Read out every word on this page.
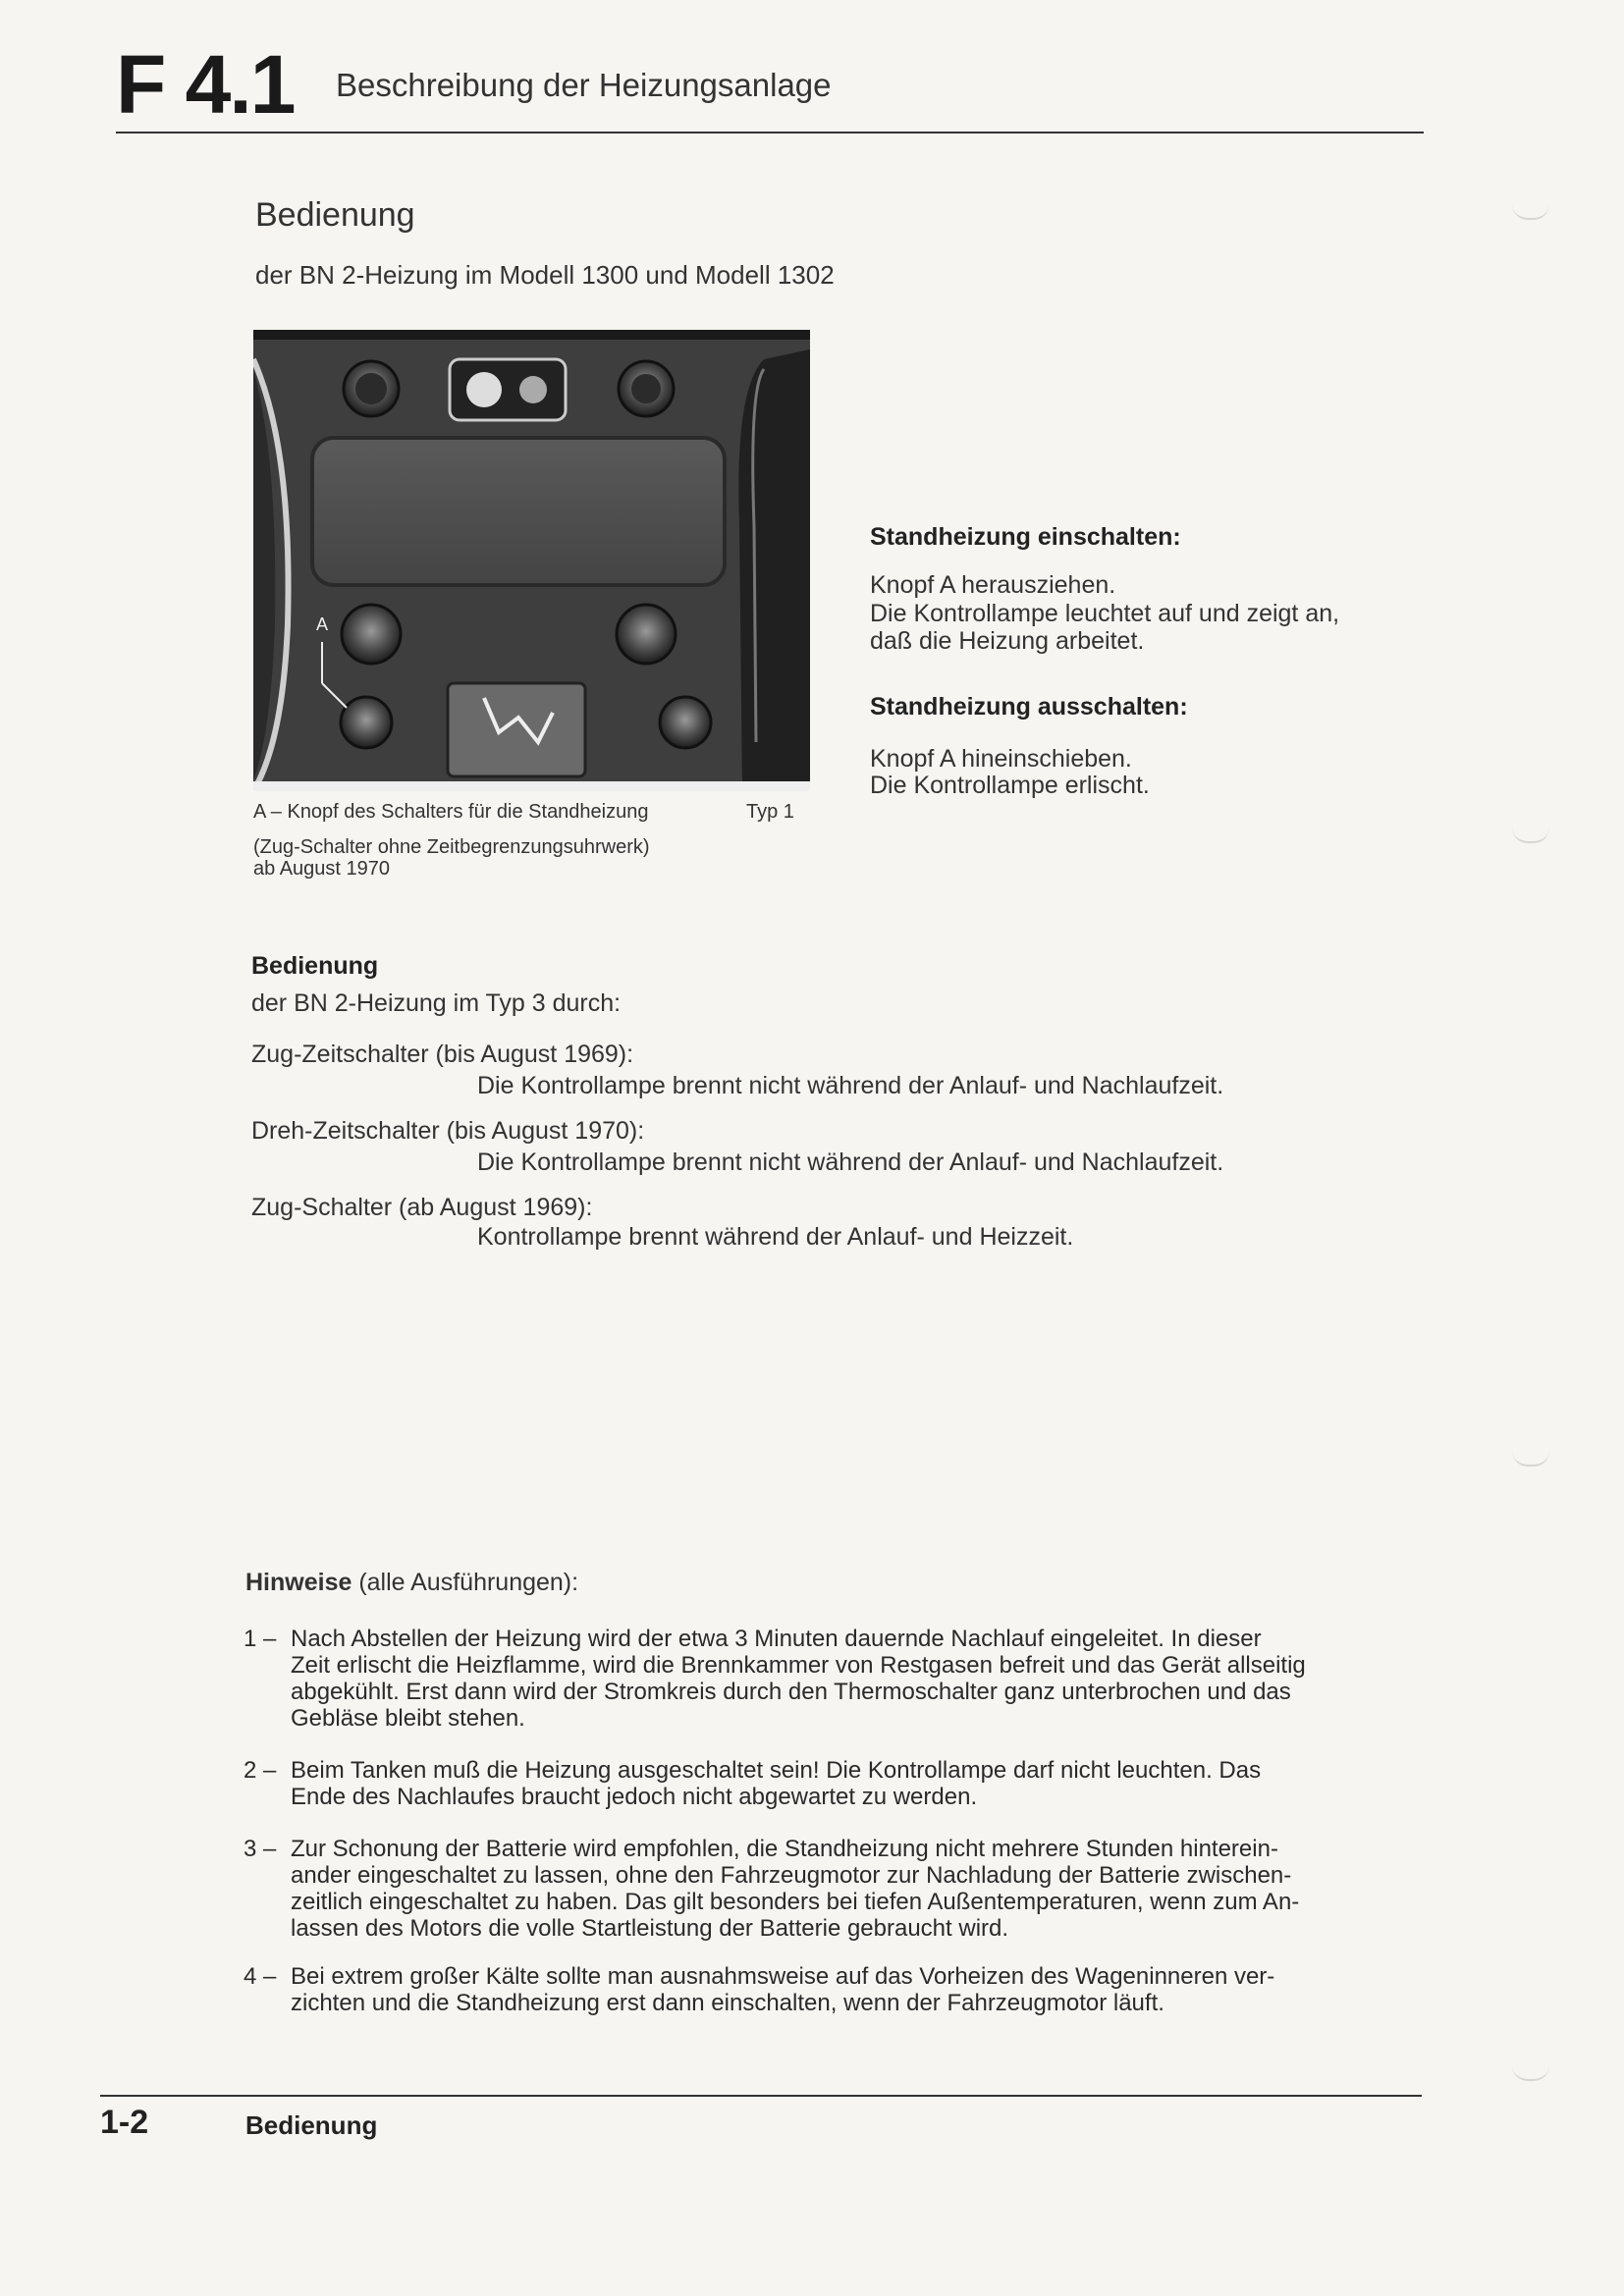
F 4.1 Beschreibung der Heizungsanlage
Bedienung
der BN 2-Heizung im Modell 1300 und Modell 1302
A
A – Knopf des Schalters für die Standheizung	Typ 1
(Zug-Schalter ohne Zeitbegrenzungsuhrwerk)
ab August 1970
Standheizung einschalten:
Knopf A herausziehen.
Die Kontrollampe leuchtet auf und zeigt an,
daß die Heizung arbeitet.
Standheizung ausschalten:
Knopf A hineinschieben.
Die Kontrollampe erlischt.
Bedienung
der BN 2-Heizung im Typ 3 durch:
Zug-Zeitschalter (bis August 1969):
Die Kontrollampe brennt nicht während der Anlauf- und Nachlaufzeit.
Dreh-Zeitschalter (bis August 1970):
Die Kontrollampe brennt nicht während der Anlauf- und Nachlaufzeit.
Zug-Schalter (ab August 1969):
Kontrollampe brennt während der Anlauf- und Heizzeit.
Hinweise (alle Ausführungen):
1 – Nach Abstellen der Heizung wird der etwa 3 Minuten dauernde Nachlauf eingeleitet. In dieser
Zeit erlischt die Heizflamme, wird die Brennkammer von Restgasen befreit und das Gerät allseitig
abgekühlt. Erst dann wird der Stromkreis durch den Thermoschalter ganz unterbrochen und das
Gebläse bleibt stehen.
2 – Beim Tanken muß die Heizung ausgeschaltet sein! Die Kontrollampe darf nicht leuchten. Das
Ende des Nachlaufes braucht jedoch nicht abgewartet zu werden.
3 – Zur Schonung der Batterie wird empfohlen, die Standheizung nicht mehrere Stunden hinterein-
ander eingeschaltet zu lassen, ohne den Fahrzeugmotor zur Nachladung der Batterie zwischen-
zeitlich eingeschaltet zu haben. Das gilt besonders bei tiefen Außentemperaturen, wenn zum An-
lassen des Motors die volle Startleistung der Batterie gebraucht wird.
4 – Bei extrem großer Kälte sollte man ausnahmsweise auf das Vorheizen des Wageninneren ver-
zichten und die Standheizung erst dann einschalten, wenn der Fahrzeugmotor läuft.
1-2	Bedienung
